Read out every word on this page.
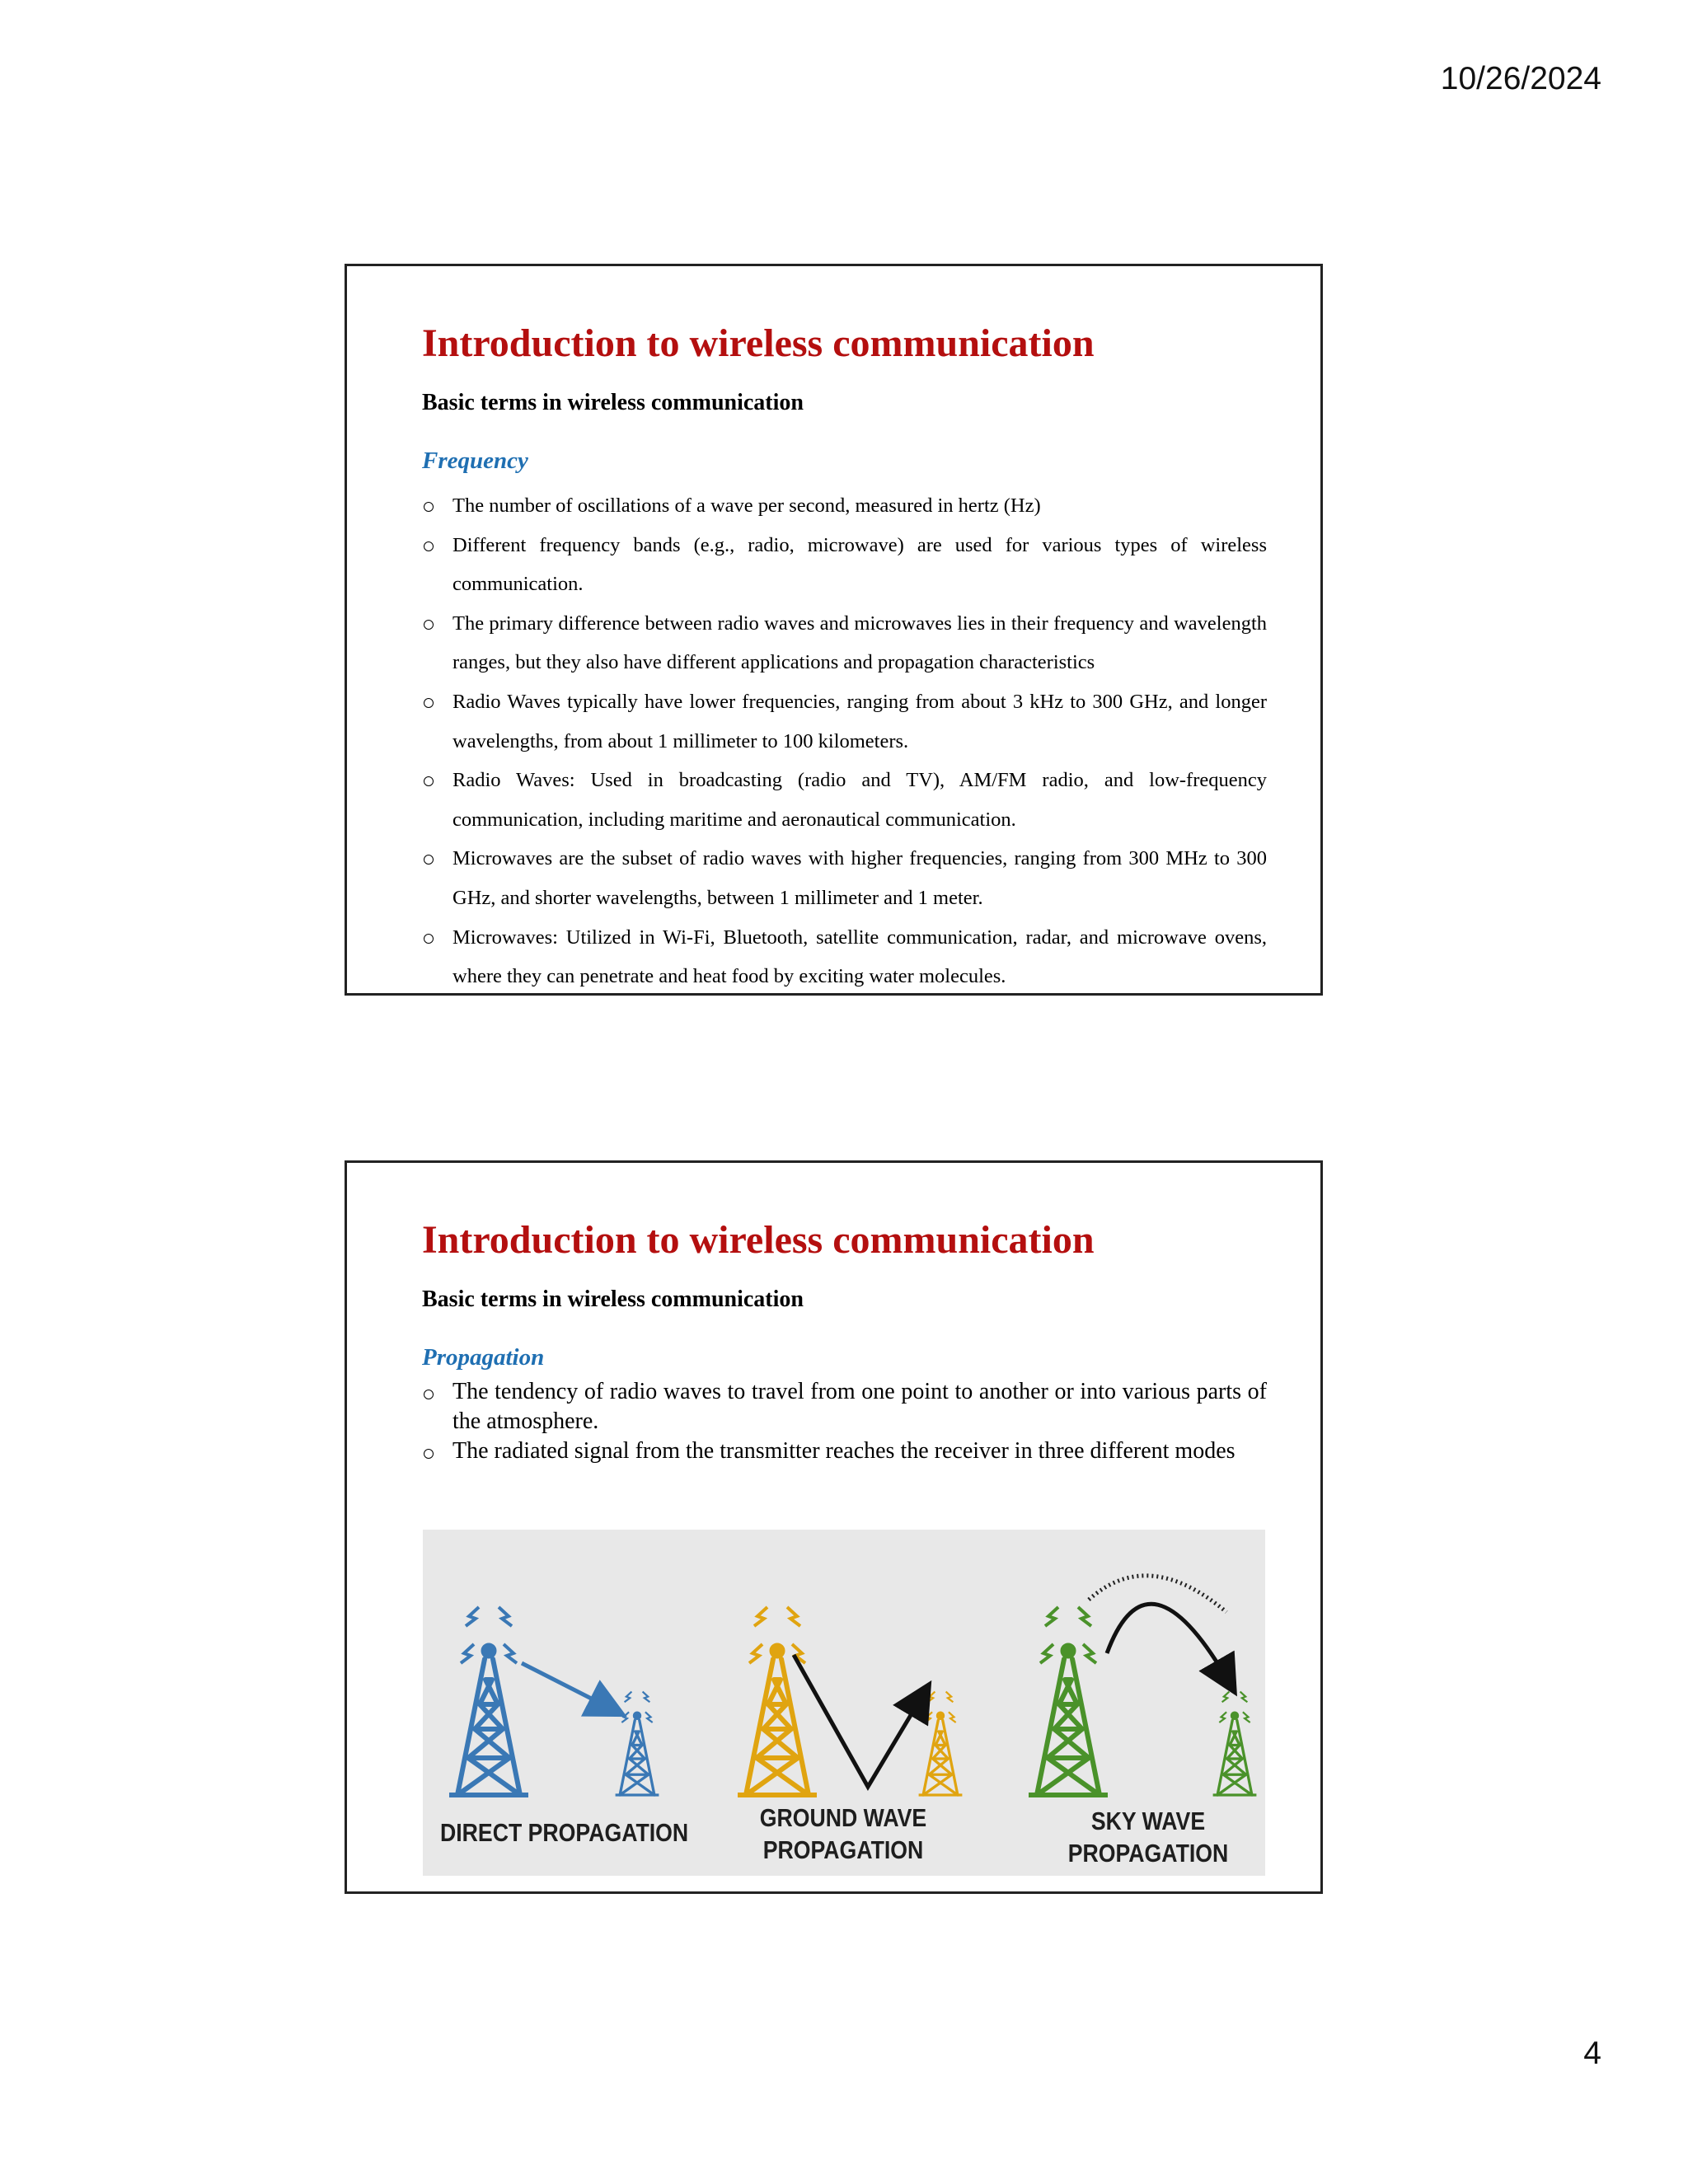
10/26/2024
Introduction to wireless communication
Basic terms in wireless communication
Frequency
The number of oscillations of a wave per second, measured in hertz (Hz)
Different frequency bands (e.g., radio, microwave) are used for various types of wireless communication.
The primary difference between radio waves and microwaves lies in their frequency and wavelength ranges, but they also have different applications and propagation characteristics
Radio Waves typically have lower frequencies, ranging from about 3 kHz to 300 GHz, and longer wavelengths, from about 1 millimeter to 100 kilometers.
Radio Waves: Used in broadcasting (radio and TV), AM/FM radio, and low-frequency communication, including maritime and aeronautical communication.
Microwaves are the subset of radio waves with higher frequencies, ranging from 300 MHz to 300 GHz, and shorter wavelengths, between 1 millimeter and 1 meter.
Microwaves: Utilized in Wi-Fi, Bluetooth, satellite communication, radar, and microwave ovens, where they can penetrate and heat food by exciting water molecules.
Introduction to wireless communication
Basic terms in wireless communication
Propagation
The tendency of radio waves to travel from one point to another or into various parts of the atmosphere.
The radiated signal from the transmitter reaches the receiver in three different modes
DIRECT PROPAGATION
GROUND WAVE
PROPAGATION
SKY WAVE
PROPAGATION
4
